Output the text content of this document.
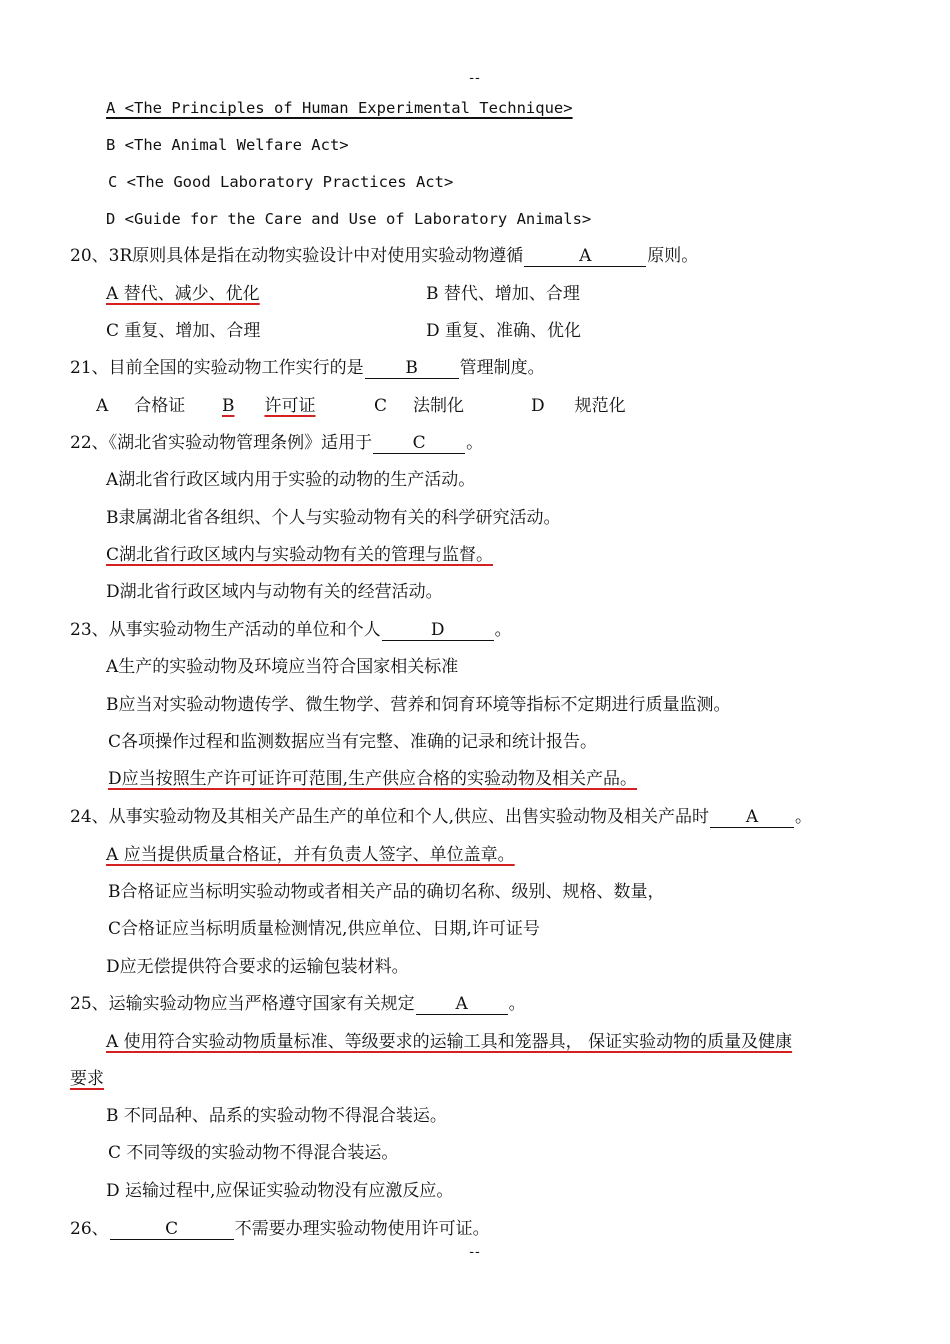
--
A <The Principles of Human Experimental Technique>
B <The Animal Welfare Act>
C <The Good Laboratory Practices Act>
D <Guide for the Care and Use of Laboratory Animals>
20、3R原则具体是指在动物实验设计中对使用实验动物遵循	A	原则。
A 替代、减少、优化	B 替代、增加、合理
C 重复、增加、合理	D 重复、准确、优化
21、目前全国的实验动物工作实行的是 B 管理制度。
A 合格证 B 许可证	C 法制化	D 规范化
22、《湖北省实验动物管理条例》适用于 C 。
A湖北省行政区域内用于实验的动物的生产活动。
B隶属湖北省各组织、个人与实验动物有关的科学研究活动。
C湖北省行政区域内与实验动物有关的管理与监督。
D湖北省行政区域内与动物有关的经营活动。
23、从事实验动物生产活动的单位和个人	D	。
A生产的实验动物及环境应当符合国家相关标准
B应当对实验动物遗传学、微生物学、营养和饲育环境等指标不定期进行质量监测。
C各项操作过程和监测数据应当有完整、准确的记录和统计报告。
D应当按照生产许可证许可范围,生产供应合格的实验动物及相关产品。
24、从事实验动物及其相关产品生产的单位和个人,供应、出售实验动物及相关产品时 A 。
A 应当提供质量合格证，并有负责人签字、单位盖章。
B合格证应当标明实验动物或者相关产品的确切名称、级别、规格、数量，
C合格证应当标明质量检测情况,供应单位、日期,许可证号
D应无偿提供符合要求的运输包装材料。
25、运输实验动物应当严格遵守国家有关规定 A 。
A 使用符合实验动物质量标准、等级要求的运输工具和笼器具， 保证实验动物的质量及健康
要求
B 不同品种、品系的实验动物不得混合装运。
C 不同等级的实验动物不得混合装运。
D 运输过程中,应保证实验动物没有应激反应。
26、	C	不需要办理实验动物使用许可证。
--
